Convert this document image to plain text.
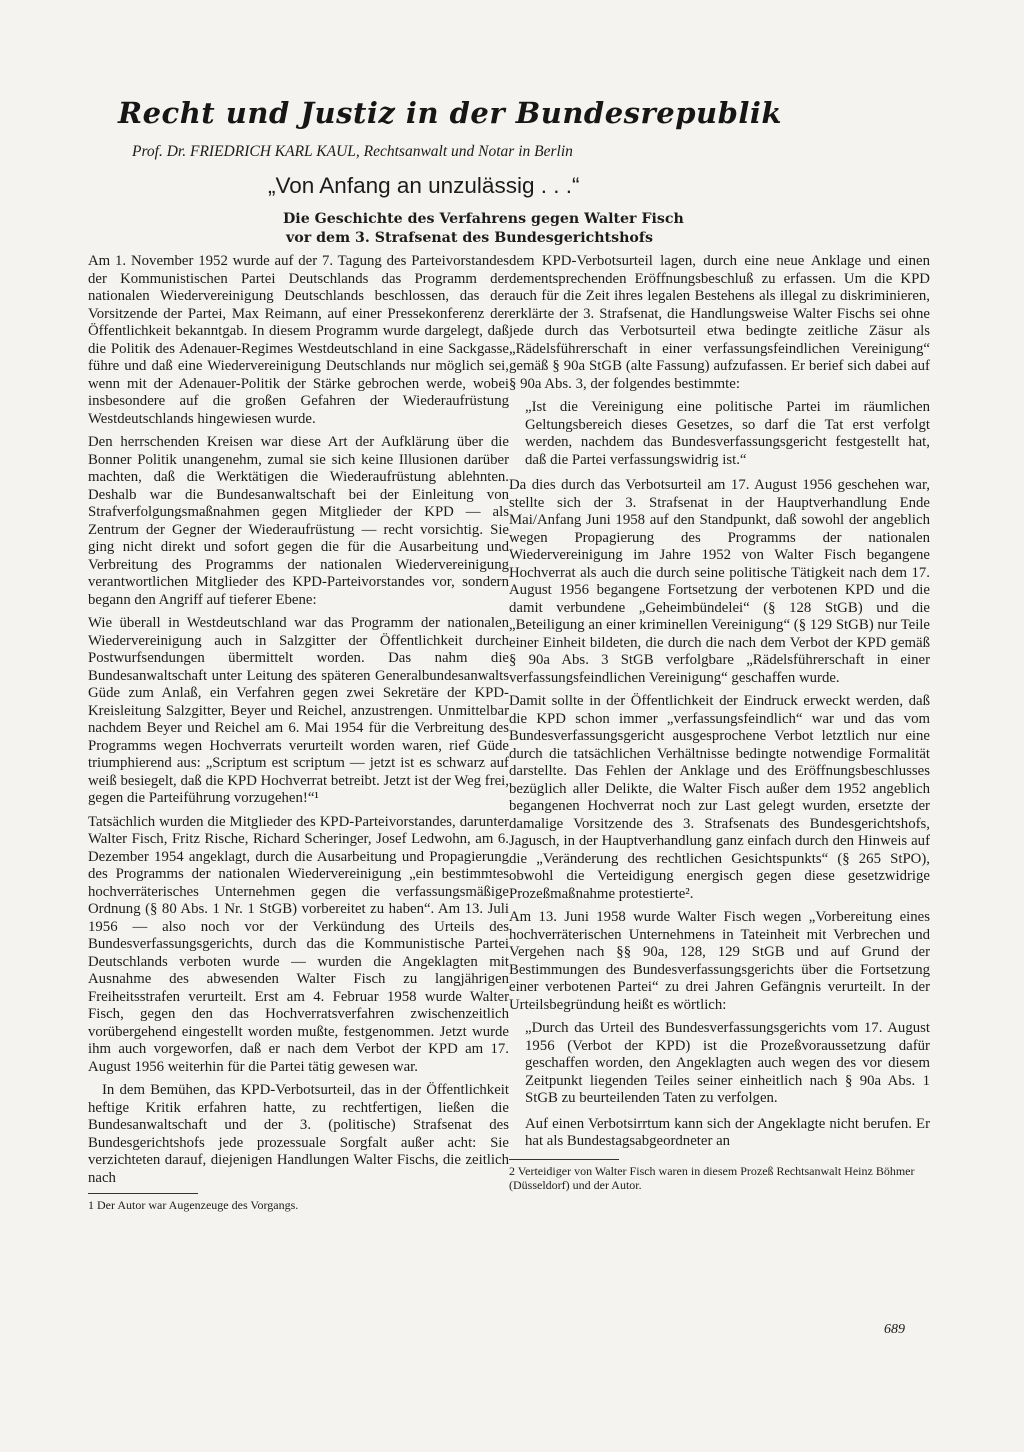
Recht und Justiz in der Bundesrepublik
Prof. Dr. FRIEDRICH KARL KAUL, Rechtsanwalt und Notar in Berlin
„Von Anfang an unzulässig . . .“
Die Geschichte des Verfahrens gegen Walter Fisch
vor dem 3. Strafsenat des Bundesgerichtshofs

Am 1. November 1952 wurde auf der 7. Tagung des Parteivorstandes der Kommunistischen Partei Deutschlands das Programm der nationalen Wiedervereinigung Deutschlands beschlossen, das der Vorsitzende der Partei, Max Reimann, auf einer Pressekonferenz der Öffentlichkeit bekanntgab. In diesem Programm wurde dargelegt, daß die Politik des Adenauer-Regimes Westdeutschland in eine Sackgasse führe und daß eine Wiedervereinigung Deutschlands nur möglich sei, wenn mit der Adenauer-Politik der Stärke gebrochen werde, wobei insbesondere auf die großen Gefahren der Wiederaufrüstung Westdeutschlands hingewiesen wurde.

Den herrschenden Kreisen war diese Art der Aufklärung über die Bonner Politik unangenehm, zumal sie sich keine Illusionen darüber machten, daß die Werktätigen die Wiederaufrüstung ablehnten. Deshalb war die Bundesanwaltschaft bei der Einleitung von Strafverfolgungsmaßnahmen gegen Mitglieder der KPD — als Zentrum der Gegner der Wiederaufrüstung — recht vorsichtig. Sie ging nicht direkt und sofort gegen die für die Ausarbeitung und Verbreitung des Programms der nationalen Wiedervereinigung verantwortlichen Mitglieder des KPD-Parteivorstandes vor, sondern begann den Angriff auf tieferer Ebene:

Wie überall in Westdeutschland war das Programm der nationalen Wiedervereinigung auch in Salzgitter der Öffentlichkeit durch Postwurfsendungen übermittelt worden. Das nahm die Bundesanwaltschaft unter Leitung des späteren Generalbundesanwalts Güde zum Anlaß, ein Verfahren gegen zwei Sekretäre der KPD-Kreisleitung Salzgitter, Beyer und Reichel, anzustrengen. Unmittelbar nachdem Beyer und Reichel am 6. Mai 1954 für die Verbreitung des Programms wegen Hochverrats verurteilt worden waren, rief Güde triumphierend aus: „Scriptum est scriptum — jetzt ist es schwarz auf weiß besiegelt, daß die KPD Hochverrat betreibt. Jetzt ist der Weg frei, gegen die Parteiführung vorzugehen!“¹

Tatsächlich wurden die Mitglieder des KPD-Parteivorstandes, darunter Walter Fisch, Fritz Rische, Richard Scheringer, Josef Ledwohn, am 6. Dezember 1954 angeklagt, durch die Ausarbeitung und Propagierung des Programms der nationalen Wiedervereinigung „ein bestimmtes hochverräterisches Unternehmen gegen die verfassungsmäßige Ordnung (§ 80 Abs. 1 Nr. 1 StGB) vorbereitet zu haben“. Am 13. Juli 1956 — also noch vor der Verkündung des Urteils des Bundesverfassungsgerichts, durch das die Kommunistische Partei Deutschlands verboten wurde — wurden die Angeklagten mit Ausnahme des abwesenden Walter Fisch zu langjährigen Freiheitsstrafen verurteilt. Erst am 4. Februar 1958 wurde Walter Fisch, gegen den das Hochverratsverfahren zwischenzeitlich vorübergehend eingestellt worden mußte, festgenommen. Jetzt wurde ihm auch vorgeworfen, daß er nach dem Verbot der KPD am 17. August 1956 weiterhin für die Partei tätig gewesen war.

In dem Bemühen, das KPD-Verbotsurteil, das in der Öffentlichkeit heftige Kritik erfahren hatte, zu rechtfertigen, ließen die Bundesanwaltschaft und der 3. (politische) Strafsenat des Bundesgerichtshofs jede prozessuale Sorgfalt außer acht: Sie verzichteten darauf, diejenigen Handlungen Walter Fischs, die zeitlich nach

1 Der Autor war Augenzeuge des Vorgangs.

dem KPD-Verbotsurteil lagen, durch eine neue Anklage und einen dementsprechenden Eröffnungsbeschluß zu erfassen. Um die KPD auch für die Zeit ihres legalen Bestehens als illegal zu diskriminieren, erklärte der 3. Strafsenat, die Handlungsweise Walter Fischs sei ohne jede durch das Verbotsurteil etwa bedingte zeitliche Zäsur als „Rädelsführerschaft in einer verfassungsfeindlichen Vereinigung“ gemäß § 90a StGB (alte Fassung) aufzufassen. Er berief sich dabei auf § 90a Abs. 3, der folgendes bestimmte:

„Ist die Vereinigung eine politische Partei im räumlichen Geltungsbereich dieses Gesetzes, so darf die Tat erst verfolgt werden, nachdem das Bundesverfassungsgericht festgestellt hat, daß die Partei verfassungswidrig ist.“

Da dies durch das Verbotsurteil am 17. August 1956 geschehen war, stellte sich der 3. Strafsenat in der Hauptverhandlung Ende Mai/Anfang Juni 1958 auf den Standpunkt, daß sowohl der angeblich wegen Propagierung des Programms der nationalen Wiedervereinigung im Jahre 1952 von Walter Fisch begangene Hochverrat als auch die durch seine politische Tätigkeit nach dem 17. August 1956 begangene Fortsetzung der verbotenen KPD und die damit verbundene „Geheimbündelei“ (§ 128 StGB) und die „Beteiligung an einer kriminellen Vereinigung“ (§ 129 StGB) nur Teile einer Einheit bildeten, die durch die nach dem Verbot der KPD gemäß § 90a Abs. 3 StGB verfolgbare „Rädelsführerschaft in einer verfassungsfeindlichen Vereinigung“ geschaffen wurde.

Damit sollte in der Öffentlichkeit der Eindruck erweckt werden, daß die KPD schon immer „verfassungsfeindlich“ war und das vom Bundesverfassungsgericht ausgesprochene Verbot letztlich nur eine durch die tatsächlichen Verhältnisse bedingte notwendige Formalität darstellte. Das Fehlen der Anklage und des Eröffnungsbeschlusses bezüglich aller Delikte, die Walter Fisch außer dem 1952 angeblich begangenen Hochverrat noch zur Last gelegt wurden, ersetzte der damalige Vorsitzende des 3. Strafsenats des Bundesgerichtshofs, Jagusch, in der Hauptverhandlung ganz einfach durch den Hinweis auf die „Veränderung des rechtlichen Gesichtspunkts“ (§ 265 StPO), obwohl die Verteidigung energisch gegen diese gesetzwidrige Prozeßmaßnahme protestierte².

Am 13. Juni 1958 wurde Walter Fisch wegen „Vorbereitung eines hochverräterischen Unternehmens in Tateinheit mit Verbrechen und Vergehen nach §§ 90a, 128, 129 StGB und auf Grund der Bestimmungen des Bundesverfassungsgerichts über die Fortsetzung einer verbotenen Partei“ zu drei Jahren Gefängnis verurteilt. In der Urteilsbegründung heißt es wörtlich:

„Durch das Urteil des Bundesverfassungsgerichts vom 17. August 1956 (Verbot der KPD) ist die Prozeßvoraussetzung dafür geschaffen worden, den Angeklagten auch wegen des vor diesem Zeitpunkt liegenden Teiles seiner einheitlich nach § 90a Abs. 1 StGB zu beurteilenden Taten zu verfolgen.

Auf einen Verbotsirrtum kann sich der Angeklagte nicht berufen. Er hat als Bundestagsabgeordneter an

2 Verteidiger von Walter Fisch waren in diesem Prozeß Rechtsanwalt Heinz Böhmer (Düsseldorf) und der Autor.
689
